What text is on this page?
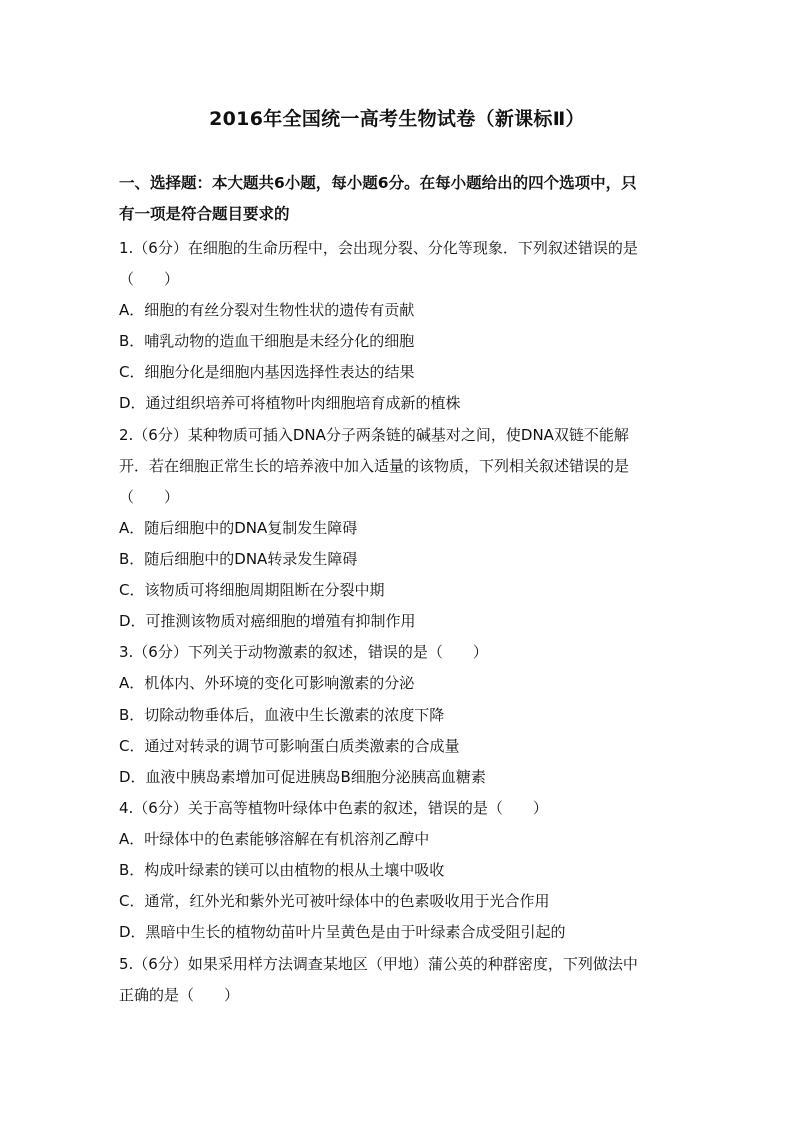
2016年全国统一高考生物试卷（新课标Ⅱ）
一、选择题：本大题共6小题，每小题6分。在每小题给出的四个选项中，只
有一项是符合题目要求的
1.（6分）在细胞的生命历程中，会出现分裂、分化等现象．下列叙述错误的是
（　　）
A．细胞的有丝分裂对生物性状的遗传有贡献
B．哺乳动物的造血干细胞是未经分化的细胞
C．细胞分化是细胞内基因选择性表达的结果
D．通过组织培养可将植物叶肉细胞培育成新的植株
2.（6分）某种物质可插入DNA分子两条链的碱基对之间，使DNA双链不能解
开．若在细胞正常生长的培养液中加入适量的该物质，下列相关叙述错误的是
（　　）
A．随后细胞中的DNA复制发生障碍
B．随后细胞中的DNA转录发生障碍
C．该物质可将细胞周期阻断在分裂中期
D．可推测该物质对癌细胞的增殖有抑制作用
3.（6分）下列关于动物激素的叙述，错误的是（　　）
A．机体内、外环境的变化可影响激素的分泌
B．切除动物垂体后，血液中生长激素的浓度下降
C．通过对转录的调节可影响蛋白质类激素的合成量
D．血液中胰岛素增加可促进胰岛B细胞分泌胰高血糖素
4.（6分）关于高等植物叶绿体中色素的叙述，错误的是（　　）
A．叶绿体中的色素能够溶解在有机溶剂乙醇中
B．构成叶绿素的镁可以由植物的根从土壤中吸收
C．通常，红外光和紫外光可被叶绿体中的色素吸收用于光合作用
D．黑暗中生长的植物幼苗叶片呈黄色是由于叶绿素合成受阻引起的
5.（6分）如果采用样方法调查某地区（甲地）蒲公英的种群密度，下列做法中
正确的是（　　）
